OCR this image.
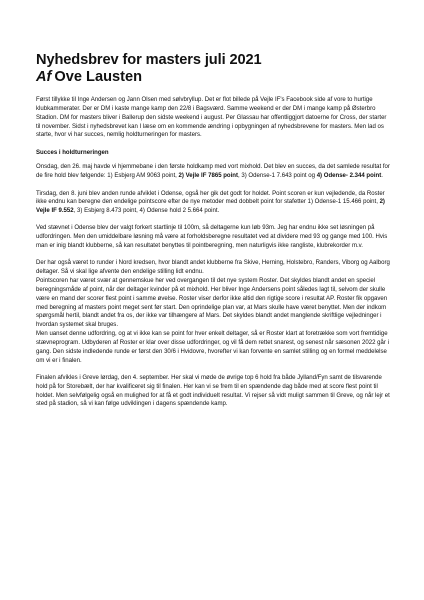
Nyhedsbrev for masters juli 2021
Af Ove Lausten

Først tillykke til Inge Andersen og Jann Olsen med sølvbryllup. Det er flot billede på Vejle IF's Facebook side af vore to hurtige klubkammerater. Der er DM i kaste mange kamp den 22/8 i Bagsværd. Samme weekend er der DM i mange kamp på Østerbro Stadion. DM for masters bliver i Ballerup den sidste weekend i august. Per Glassau har offentliggjort datoerne for Cross, der starter til november. Sidst i nyhedsbrevet kan I læse om en kommende ændring i opbygningen af nyhedsbrevene for masters. Men lad os starte, hvor vi har succes, nemlig holdturneringen for masters.

Succes i holdturneringen

Onsdag, den 26. maj havde vi hjemmebane i den første holdkamp med vort mixhold. Det blev en succes, da det samlede resultat for de fire hold blev følgende: 1) Esbjerg AM 9063 point, 2) Vejle IF 7865 point, 3) Odense-1 7.643 point og 4) Odense- 2.344 point.

Tirsdag, den 8. juni blev anden runde afviklet i Odense, også her gik det godt for holdet. Point scoren er kun vejledende, da Roster ikke endnu kan beregne den endelige pointscore efter de nye metoder med dobbelt point for stafetter 1) Odense-1 15.466 point, 2) Vejle IF 9.552, 3) Esbjerg 8.473 point, 4) Odense hold 2 5.664 point.

Ved stævnet i Odense blev der valgt forkert startlinje til 100m, så deltagerne kun løb 93m. Jeg har endnu ikke set løsningen på udfordringen. Men den umiddelbare løsning må være at forholdsberegne resultatet ved at dividere med 93 og gange med 100. Hvis man er inig blandt klubberne, så kan resultatet benyttes til pointberegning, men naturligvis ikke rangliste, klubrekorder m.v.

Der har også været to runder i Nord kredsen, hvor blandt andet klubberne fra Skive, Herning, Holstebro, Randers, Viborg og Aalborg deltager. Så vi skal lige afvente den endelige stilling lidt endnu.

Pointscoren har været svær at gennemskue her ved overgangen til det nye system Roster. Det skyldes blandt andet en speciel beregningsmåde af point, når der deltager kvinder på et mixhold. Her bliver Inge Andersens point således lagt til, selvom der skulle være en mand der scorer flest point i samme øvelse. Roster viser derfor ikke altid den rigtige score i resultat AP. Roster fik opgaven med beregning af masters point meget sent før start. Den oprindelige plan var, at Mars skulle have været benyttet. Men der indkom spørgsmål hertil, blandt andet fra os, der ikke var tilhængere af Mars. Det skyldes blandt andet manglende skriftlige vejledninger i hvordan systemet skal bruges.

Men uanset denne udfordring, og at vi ikke kan se point for hver enkelt deltager, så er Roster klart at foretrække som vort fremtidige stævneprogram. Udbyderen af Roster er klar over disse udfordringer, og vil få dem rettet snarest, og senest når sæsonen 2022 går i gang. Den sidste indledende runde er først den 30/6 i Hvidovre, hvorefter vi kan forvente en samlet stilling og en formel meddelelse om vi er i finalen.

Finalen afvikles i Greve lørdag, den 4. september. Her skal vi møde de øvrige top 6 hold fra både Jylland/Fyn samt de tilsvarende hold på for Storebælt, der har kvalificeret sig til finalen. Her kan vi se frem til en spændende dag både med at score flest point til holdet. Men selvfølgelig også en mulighed for at få et godt individuelt resultat. Vi rejser så vidt muligt sammen til Greve, og når lejr et sted på stadion, så vi kan følge udviklingen i dagens spændende kamp.
